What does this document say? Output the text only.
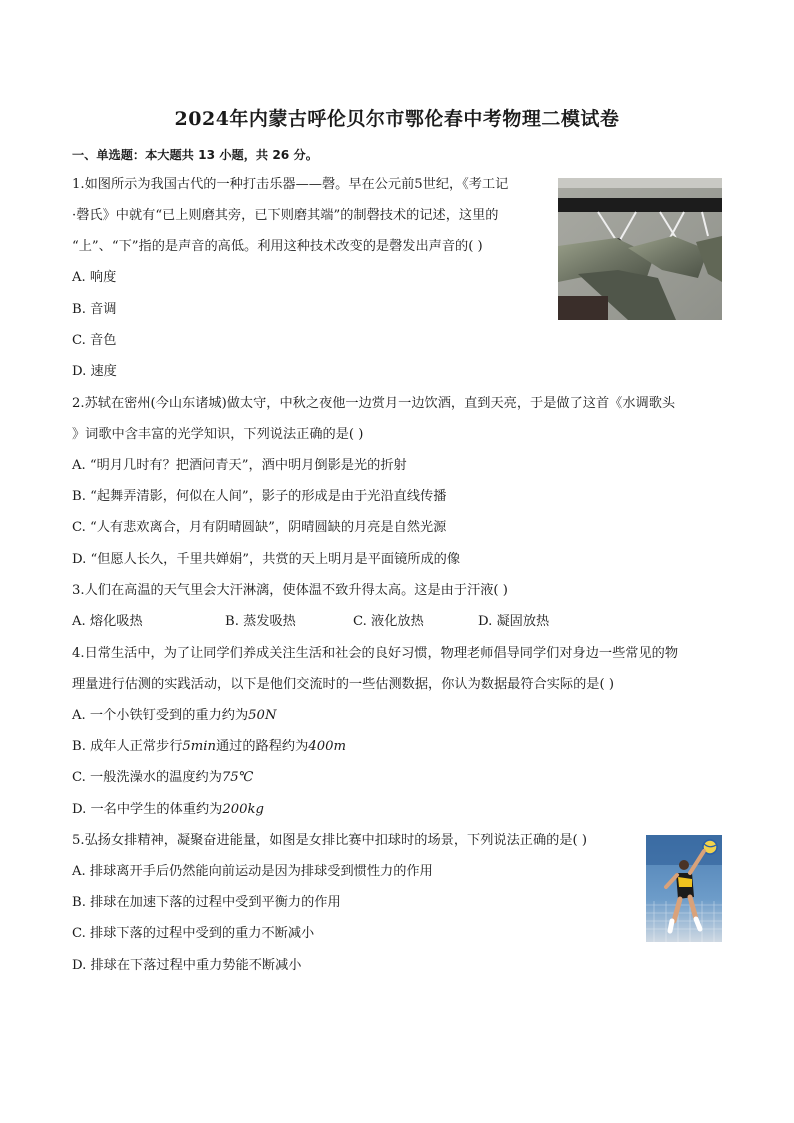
2024年内蒙古呼伦贝尔市鄂伦春中考物理二模试卷
一、单选题：本大题共 13 小题，共 26 分。
1.如图所示为我国古代的一种打击乐器——磬。早在公元前5世纪，《考工记
·磬氏》中就有“已上则磨其旁，已下则磨其端”的制磬技术的记述，这里的
“上”、“下”指的是声音的高低。利用这种技术改变的是磬发出声音的( )
A. 响度
B. 音调
C. 音色
D. 速度
2.苏轼在密州(今山东诸城)做太守，中秋之夜他一边赏月一边饮酒，直到天亮，于是做了这首《水调歌头
》词歌中含丰富的光学知识，下列说法正确的是( )
A. “明月几时有？把酒问青天”，酒中明月倒影是光的折射
B. “起舞弄清影，何似在人间”，影子的形成是由于光沿直线传播
C. “人有悲欢离合，月有阴晴圆缺”，阴晴圆缺的月亮是自然光源
D. “但愿人长久，千里共婵娟”，共赏的天上明月是平面镜所成的像
3.人们在高温的天气里会大汗淋漓，使体温不致升得太高。这是由于汗液( )
A. 熔化吸热	B. 蒸发吸热	C. 液化放热	D. 凝固放热
4.日常生活中，为了让同学们养成关注生活和社会的良好习惯，物理老师倡导同学们对身边一些常见的物
理量进行估测的实践活动，以下是他们交流时的一些估测数据，你认为数据最符合实际的是( )
A. 一个小铁钉受到的重力约为50N
B. 成年人正常步行5min通过的路程约为400m
C. 一般洗澡水的温度约为75℃
D. 一名中学生的体重约为200kg
5.弘扬女排精神，凝聚奋进能量，如图是女排比赛中扣球时的场景，下列说法正确的是( )
A. 排球离开手后仍然能向前运动是因为排球受到惯性力的作用
B. 排球在加速下落的过程中受到平衡力的作用
C. 排球下落的过程中受到的重力不断减小
D. 排球在下落过程中重力势能不断减小
